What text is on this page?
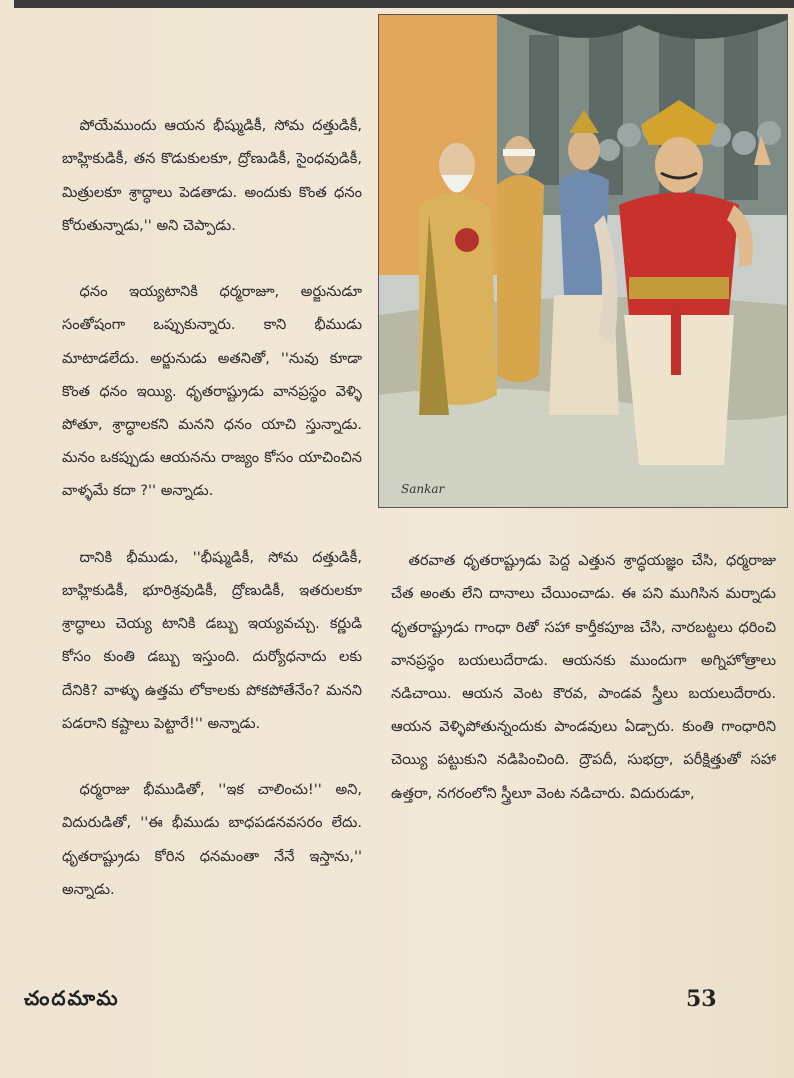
పోయేముందు ఆయన భీష్ముడికీ, సోమ దత్తుడికీ, బాహ్లికుడికీ, తన కొడుకులకూ, ద్రోణుడికీ, సైంధవుడికీ, మిత్రులకూ శ్రాద్ధాలు పెడతాడు. అందుకు కొంత ధనం కోరుతున్నాడు,'' అని చెప్పాడు.

ధనం ఇయ్యటానికి ధర్మరాజూ, అర్జునుడూ సంతోషంగా ఒప్పుకున్నారు. కాని భీముడు మాటాడలేదు. అర్జునుడు అతనితో, ''నువు కూడా కొంత ధనం ఇయ్యి. ధృతరాష్ట్రుడు వానప్రస్థం వెళ్ళి పోతూ, శ్రాద్ధాలకని మనని ధనం యాచి స్తున్నాడు. మనం ఒకప్పుడు ఆయనను రాజ్యం కోసం యాచించిన వాళ్ళమే కదా ?'' అన్నాడు.

దానికి భీముడు, ''భీష్ముడికీ, సోమ దత్తుడికీ, బాహ్లికుడికీ, భూరిశ్రవుడికీ, ద్రోణుడికీ, ఇతరులకూ శ్రాద్ధాలు చెయ్య టానికి డబ్బు ఇయ్యవచ్చు. కర్ణుడి కోసం కుంతి డబ్బు ఇస్తుంది. దుర్యోధనాదు లకు దేనికి? వాళ్ళు ఉత్తమ లోకాలకు పోకపోతేనేం? మనని పడరాని కష్టాలు పెట్టారే!'' అన్నాడు.

ధర్మరాజు భీముడితో, ''ఇక చాలించు!'' అని, విదురుడితో, ''ఈ భీముడు బాధపడనవసరం లేదు. ధృతరాష్ట్రుడు కోరిన ధనమంతా నేనే ఇస్తాను,'' అన్నాడు.

Sankar

తరవాత ధృతరాష్ట్రుడు పెద్ద ఎత్తున శ్రాద్ధయజ్ఞం చేసి, ధర్మరాజు చేత అంతు లేని దానాలు చేయించాడు. ఈ పని ముగిసిన మర్నాడు ధృతరాష్ట్రుడు గాంధా రితో సహా కార్తీకపూజ చేసి, నారబట్టలు ధరించి వానప్రస్థం బయలుదేరాడు. ఆయనకు ముందుగా అగ్నిహోత్రాలు నడిచాయి. ఆయన వెంట కౌరవ, పాండవ స్త్రీలు బయలుదేరారు. ఆయన వెళ్ళిపోతున్నందుకు పాండవులు ఏడ్చారు. కుంతి గాంధారిని చెయ్యి పట్టుకుని నడిపించింది. ద్రౌపదీ, సుభద్రా, పరీక్షిత్తుతో సహా ఉత్తరా, నగరంలోని స్త్రీలూ వెంట నడిచారు. విదురుడూ,

చందమామ	53
